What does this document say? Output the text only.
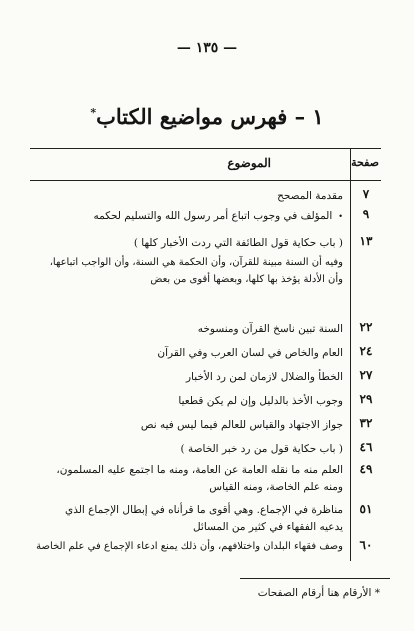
— ١٣٥ —
١ – فهرس مواضيع الكتاب*
صفحة
الموضوع
٧
مقدمة المصحح
٩
•المؤلف في وجوب اتباع أمر رسول الله والتسليم لحكمه
١٣
( باب حكاية قول الطائفة التي ردت الأخبار كلها )
وفيه أن السنة مبينة للقرآن، وأن الحكمة هي السنة، وأن الواجب اتباعها، وأن الأدلة يؤخذ بها كلها، وبعضها أقوى من بعض
٢٢
السنة تبين ناسخ القرآن ومنسوخه
٢٤
العام والخاص في لسان العرب وفي القرآن
٢٧
الخطأ والضلال لازمان لمن رد الأخبار
٢٩
وجوب الأخذ بالدليل وإن لم يكن قطعيا
٣٢
جواز الاجتهاد والقياس للعالم فيما ليس فيه نص
٤٦
( باب حكاية قول من رد خبر الخاصة )
٤٩
العلم منه ما نقله العامة عن العامة، ومنه ما اجتمع عليه المسلمون، ومنه علم الخاصة، ومنه القياس
٥١
مناظرة في الإجماع. وهي أقوى ما قرأناه في إبطال الإجماع الذي يدعيه الفقهاء في كثير من المسائل
٦٠
وصف فقهاء البلدان واختلافهم، وأن ذلك يمنع ادعاء الإجماع في علم الخاصة
* الأرقام هنا أرقام الصفحات
